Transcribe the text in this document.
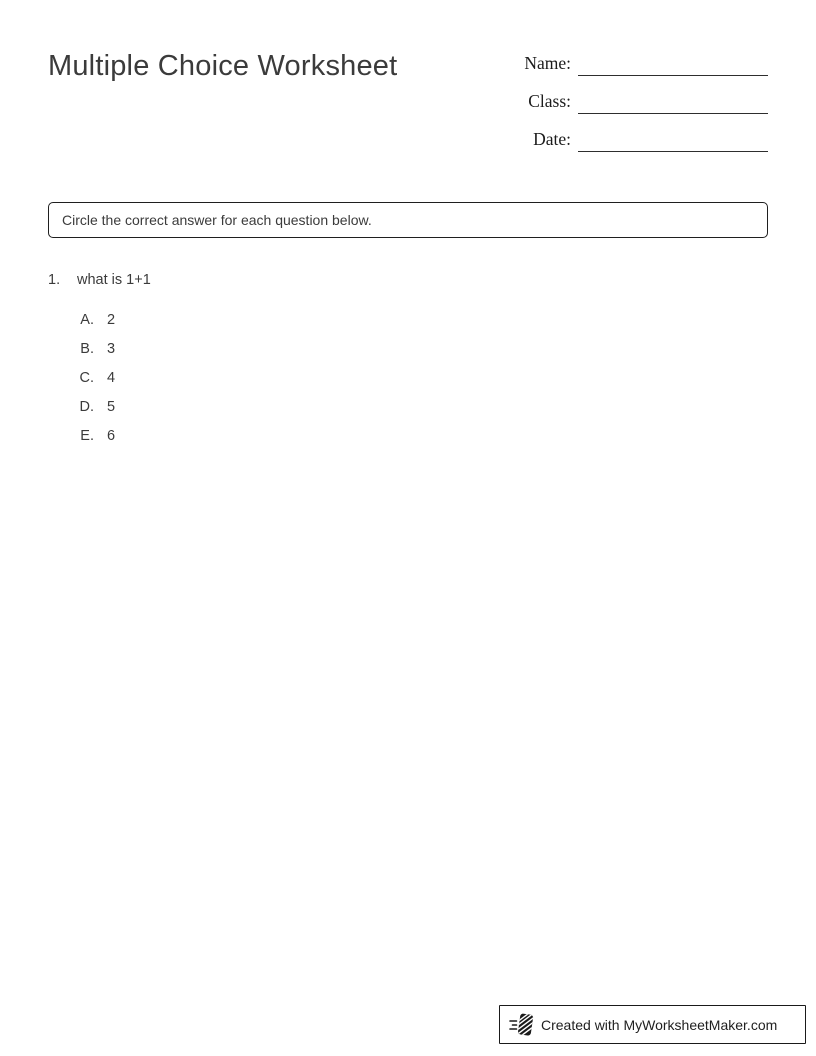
Multiple Choice Worksheet	Name:
Class:
Date:
Circle the correct answer for each question below.
1.	what is 1+1
A. 2
B. 3
C. 4
D. 5
E. 6
Created with MyWorksheetMaker.com
